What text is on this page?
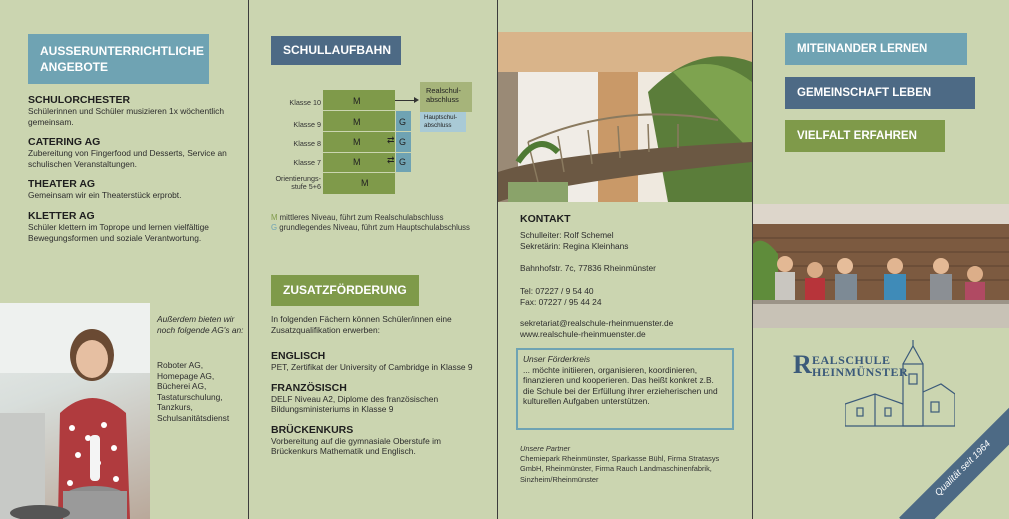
AUSSERUNTERRICHTLICHE ANGEBOTE
SCHULORCHESTER
Schülerinnen und Schüler musizieren 1x wöchentlich gemeinsam.
CATERING AG
Zubereitung von Fingerfood und Desserts, Service an schulischen Veranstaltungen.
THEATER AG
Gemeinsam wir ein Theaterstück erprobt.
KLETTER AG
Schüler klettern im Toprope und lernen vielfältige Bewegungsformen und soziale Verantwortung.
Außerdem bieten wir noch folgende AG's an:
Roboter AG,
Homepage AG,
Bücherei AG,
Tastaturschulung,
Tanzkurs,
Schulsanitätsdienst
SCHULLAUFBAHN
Klasse 10
Klasse 9
Klasse 8
Klasse 7
Orientierungs-
stufe 5+6
M
M
M
M
M
G
G
G
⇄
⇄
Realschul-
abschluss
Hauptschul-
abschluss
M mittleres Niveau, führt zum Realschulabschluss
G grundlegendes Niveau, führt zum Hauptschulabschluss
ZUSATZFÖRDERUNG
In folgenden Fächern können Schüler/innen eine Zusatzqualifikation erwerben:
ENGLISCH
PET, Zertifikat der University of Cambridge in Klasse 9
FRANZÖSISCH
DELF Niveau A2, Diplome des französischen Bildungsministeriums in Klasse 9
BRÜCKENKURS
Vorbereitung auf die gymnasiale Oberstufe im Brückenkurs Mathematik und Englisch.
KONTAKT
Schulleiter: Rolf Schemel
Sekretärin: Regina Kleinhans
Bahnhofstr. 7c, 77836 Rheinmünster
Tel: 07227 / 9 54 40
Fax: 07227 / 95 44 24
sekretariat@realschule-rheinmuenster.de
www.realschule-rheinmuenster.de
Unser Förderkreis
... möchte initiieren, organisieren, koordinieren, finanzieren und kooperieren. Das heißt konkret z.B. die Schule bei der Erfüllung ihrer erzieherischen und kulturellen Aufgaben unterstützen.
Unsere Partner
Chemiepark Rheinmünster, Sparkasse Bühl, Firma Stratasys GmbH, Rheinmünster, Firma Rauch Landmaschinenfabrik, Sinzheim/Rheinmünster
MITEINANDER LERNEN
GEMEINSCHAFT LEBEN
VIELFALT ERFAHREN
R EALSCHULE
HEINMÜNSTER
Qualität seit 1964
